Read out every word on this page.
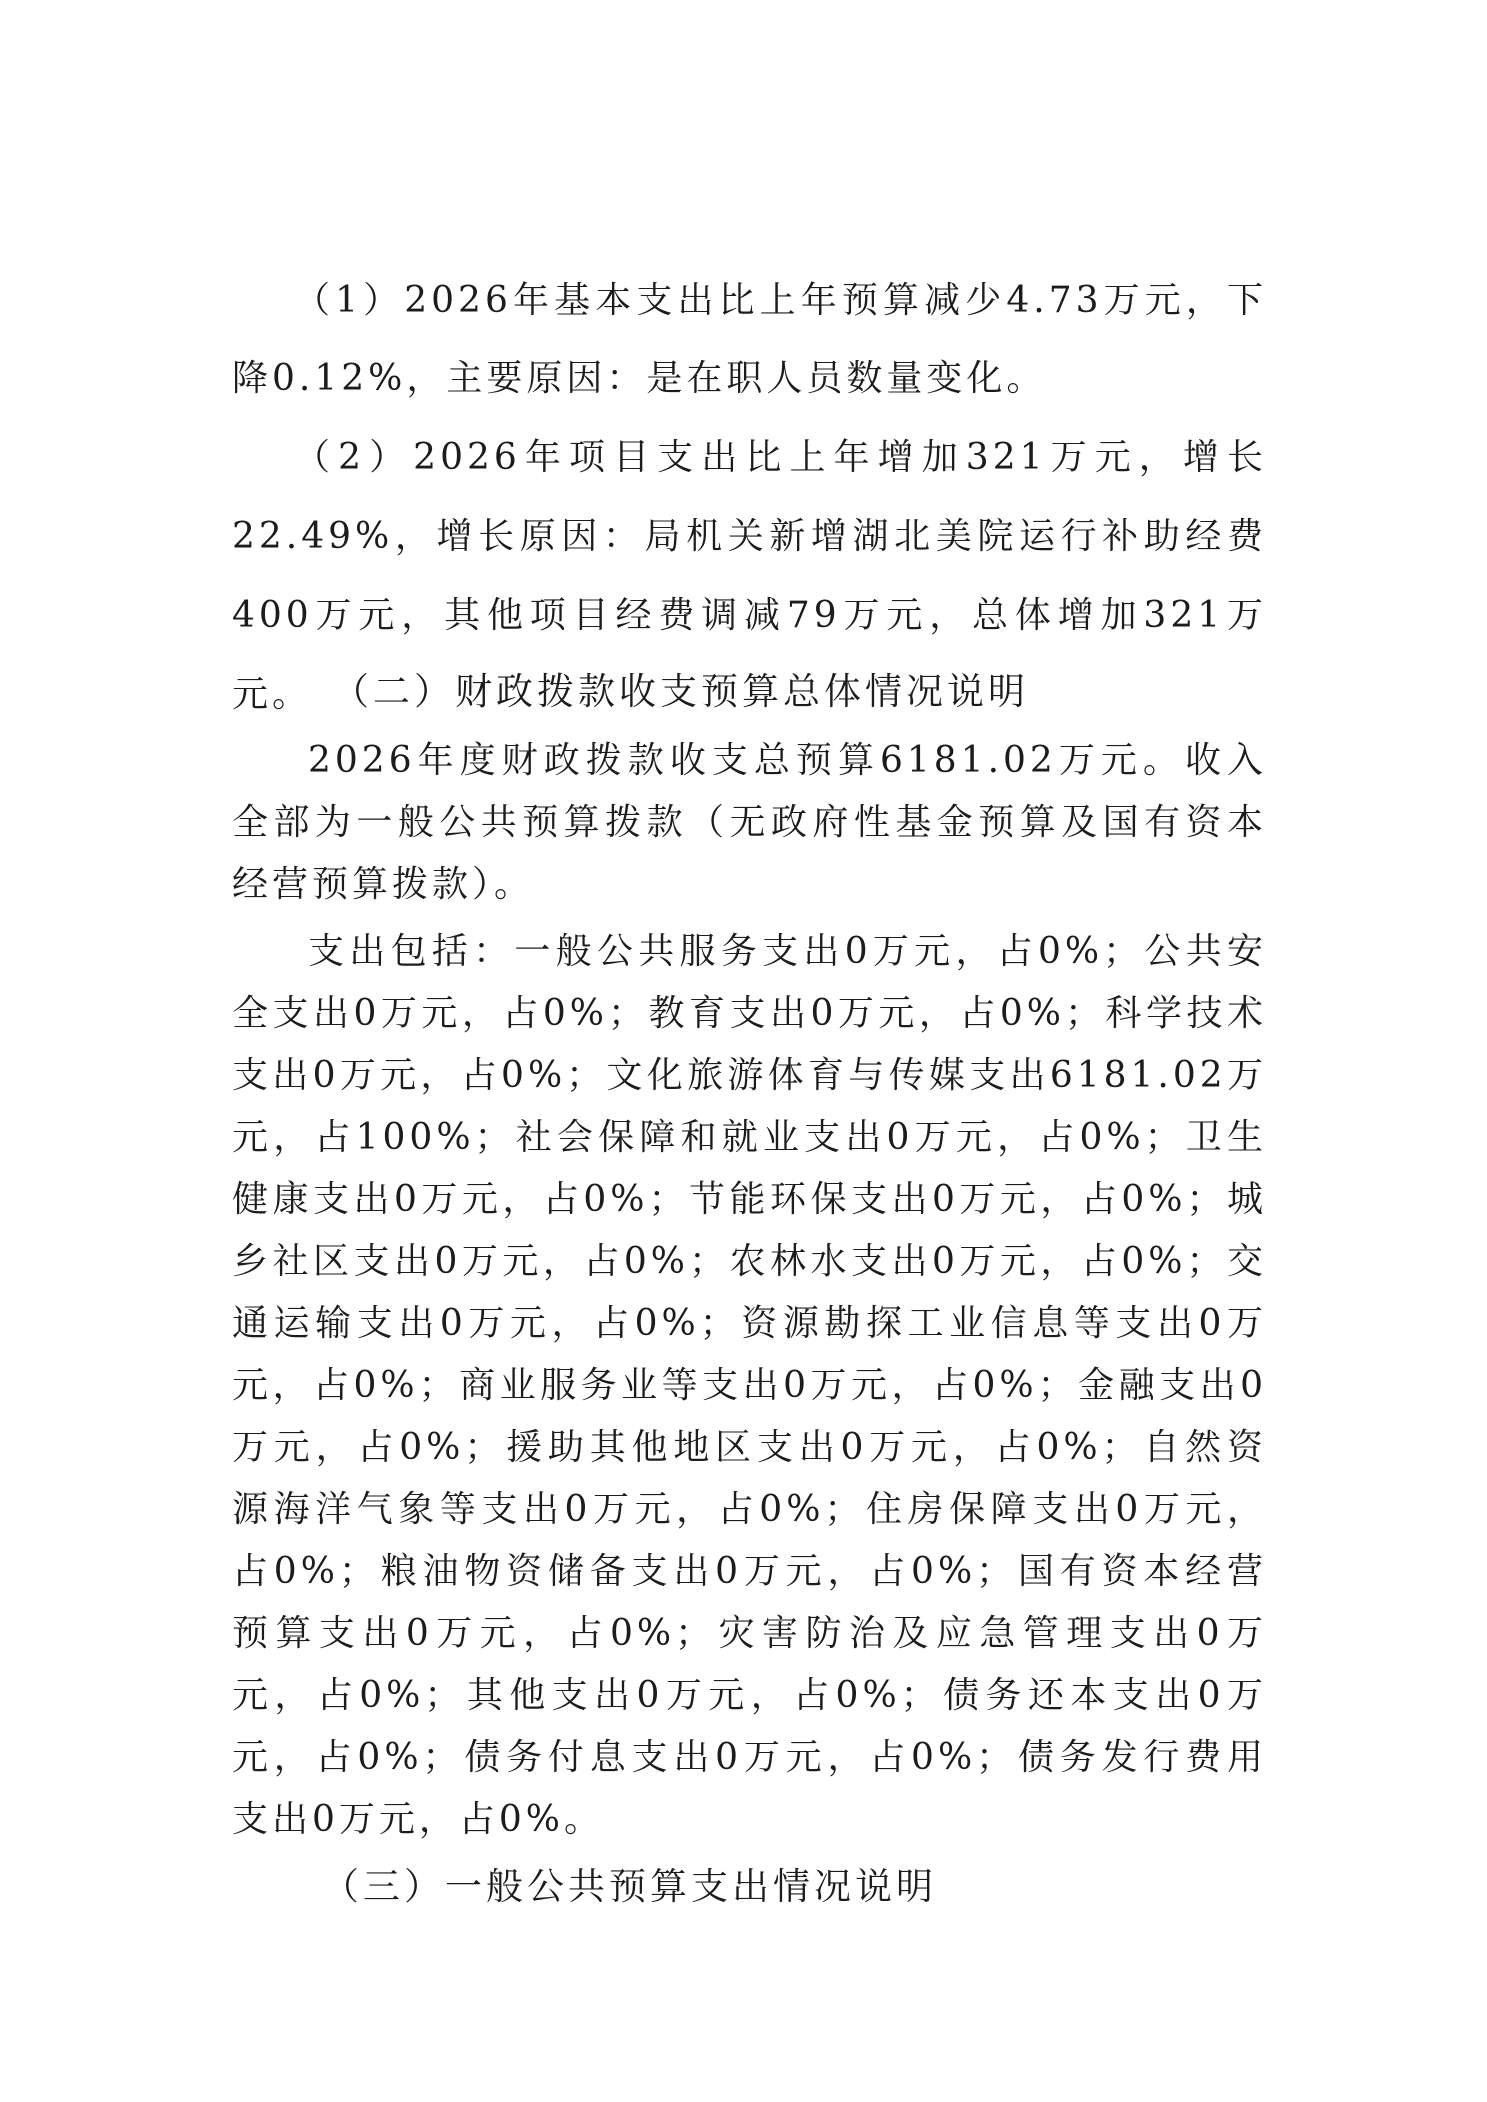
（1）2026年基本支出比上年预算减少4.73万元，下降0.12%，主要原因：是在职人员数量变化。

（2）2026年项目支出比上年增加321万元，增长22.49%，增长原因：局机关新增湖北美院运行补助经费400万元，其他项目经费调减79万元，总体增加321万元。 （二）财政拨款收支预算总体情况说明

2026年度财政拨款收支总预算6181.02万元。收入全部为一般公共预算拨款（无政府性基金预算及国有资本经营预算拨款）。

支出包括：一般公共服务支出0万元，占0%；公共安全支出0万元，占0%；教育支出0万元，占0%；科学技术支出0万元，占0%；文化旅游体育与传媒支出6181.02万元，占100%；社会保障和就业支出0万元，占0%；卫生健康支出0万元，占0%；节能环保支出0万元，占0%；城乡社区支出0万元，占0%；农林水支出0万元，占0%；交通运输支出0万元，占0%；资源勘探工业信息等支出0万元，占0%；商业服务业等支出0万元，占0%；金融支出0万元，占0%；援助其他地区支出0万元，占0%；自然资源海洋气象等支出0万元，占0%；住房保障支出0万元，占0%；粮油物资储备支出0万元，占0%；国有资本经营预算支出0万元，占0%；灾害防治及应急管理支出0万元，占0%；其他支出0万元，占0%；债务还本支出0万元，占0%；债务付息支出0万元，占0%；债务发行费用支出0万元，占0%。

（三）一般公共预算支出情况说明
